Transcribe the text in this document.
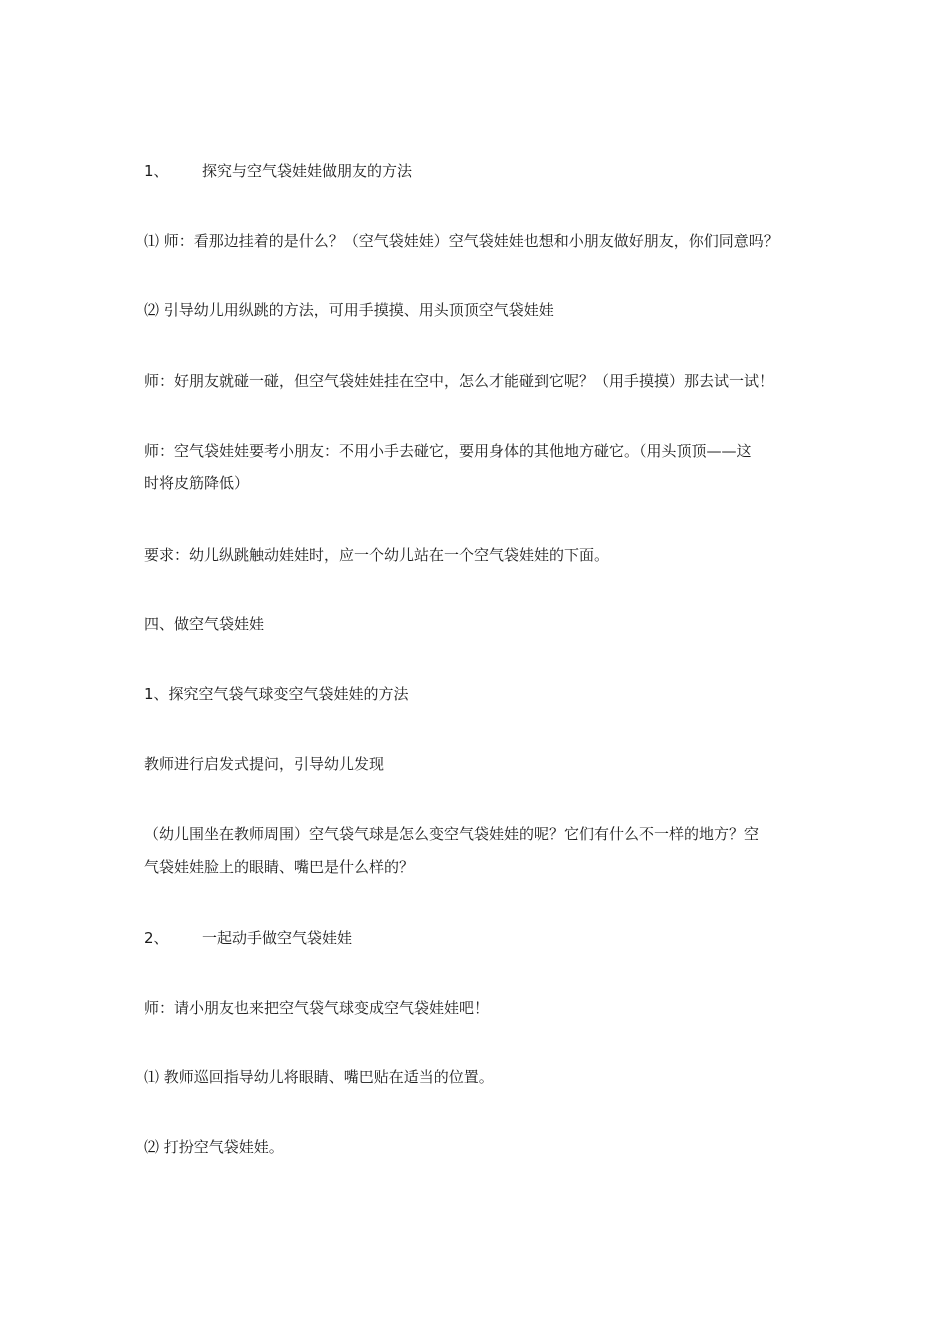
1、 探究与空气袋娃娃做朋友的方法
⑴ 师：看那边挂着的是什么？（空气袋娃娃）空气袋娃娃也想和小朋友做好朋友，你们同意吗？
⑵ 引导幼儿用纵跳的方法，可用手摸摸、用头顶顶空气袋娃娃
师：好朋友就碰一碰，但空气袋娃娃挂在空中，怎么才能碰到它呢？（用手摸摸）那去试一试！
师：空气袋娃娃要考小朋友：不用小手去碰它，要用身体的其他地方碰它。（用头顶顶——这
时将皮筋降低）
要求：幼儿纵跳触动娃娃时，应一个幼儿站在一个空气袋娃娃的下面。
四、做空气袋娃娃
1、探究空气袋气球变空气袋娃娃的方法
教师进行启发式提问，引导幼儿发现
（幼儿围坐在教师周围）空气袋气球是怎么变空气袋娃娃的呢？它们有什么不一样的地方？空
气袋娃娃脸上的眼睛、嘴巴是什么样的？
2、 一起动手做空气袋娃娃
师：请小朋友也来把空气袋气球变成空气袋娃娃吧！
⑴ 教师巡回指导幼儿将眼睛、嘴巴贴在适当的位置。
⑵ 打扮空气袋娃娃。
